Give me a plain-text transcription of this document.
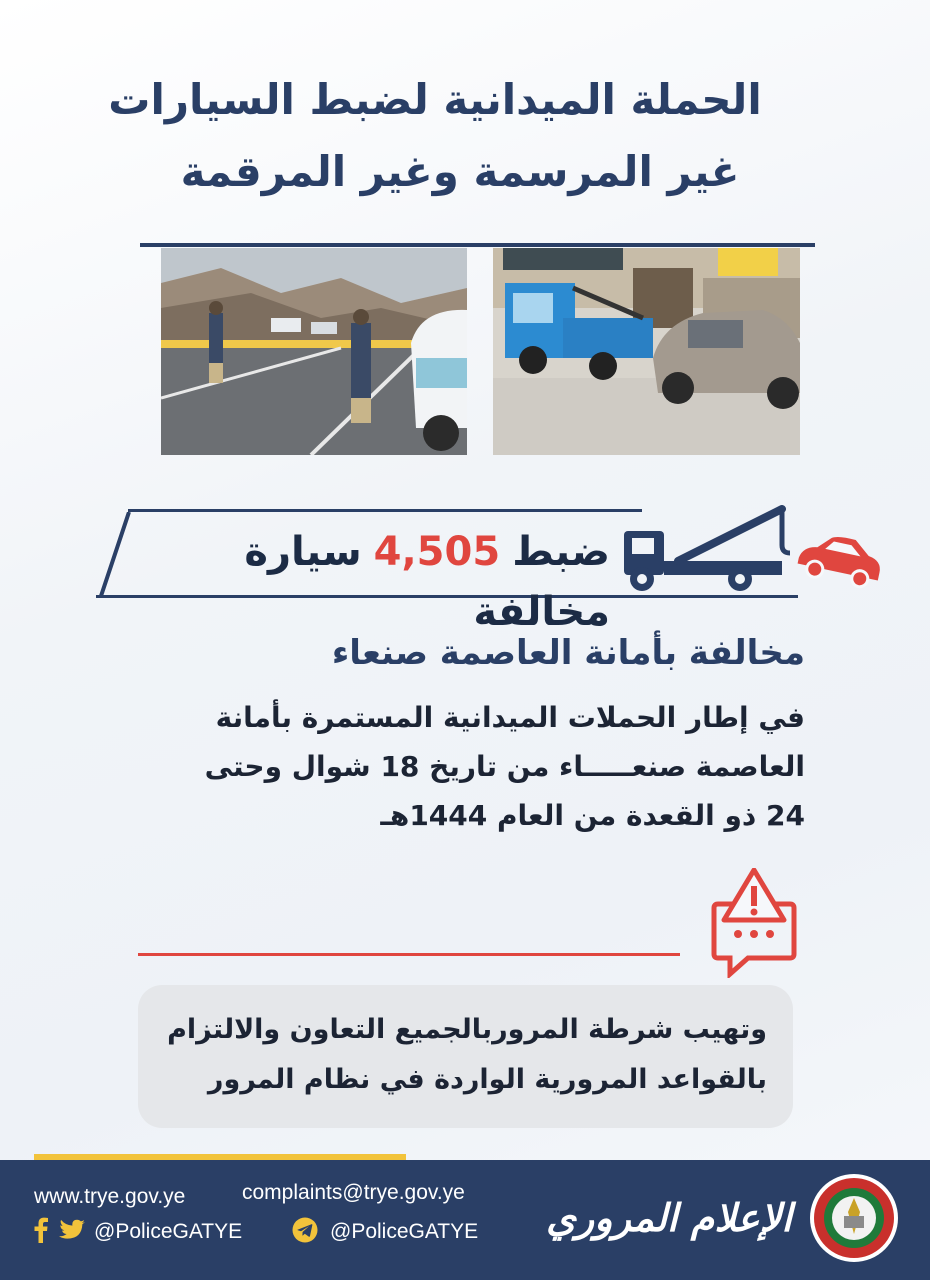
الحملة الميدانية لضبط السيارات
غير المرسمة وغير المرقمة
ضبط4,505سيارة مخالفة
مخالفة بأمانة العاصمة صنعاء
في إطار الحملات الميدانية المستمرة بأمانة
العاصمة صنعـــــاء من تاريخ 18 شوال وحتى
24 ذو القعدة من العام 1444هـ
وتهيب شرطة المروربالجميع التعاون والالتزام
بالقواعد المرورية الواردة في نظام المرور
www.trye.gov.ye	complaints@trye.gov.ye
@PoliceGATYE	@PoliceGATYE	الإعلام المروري
